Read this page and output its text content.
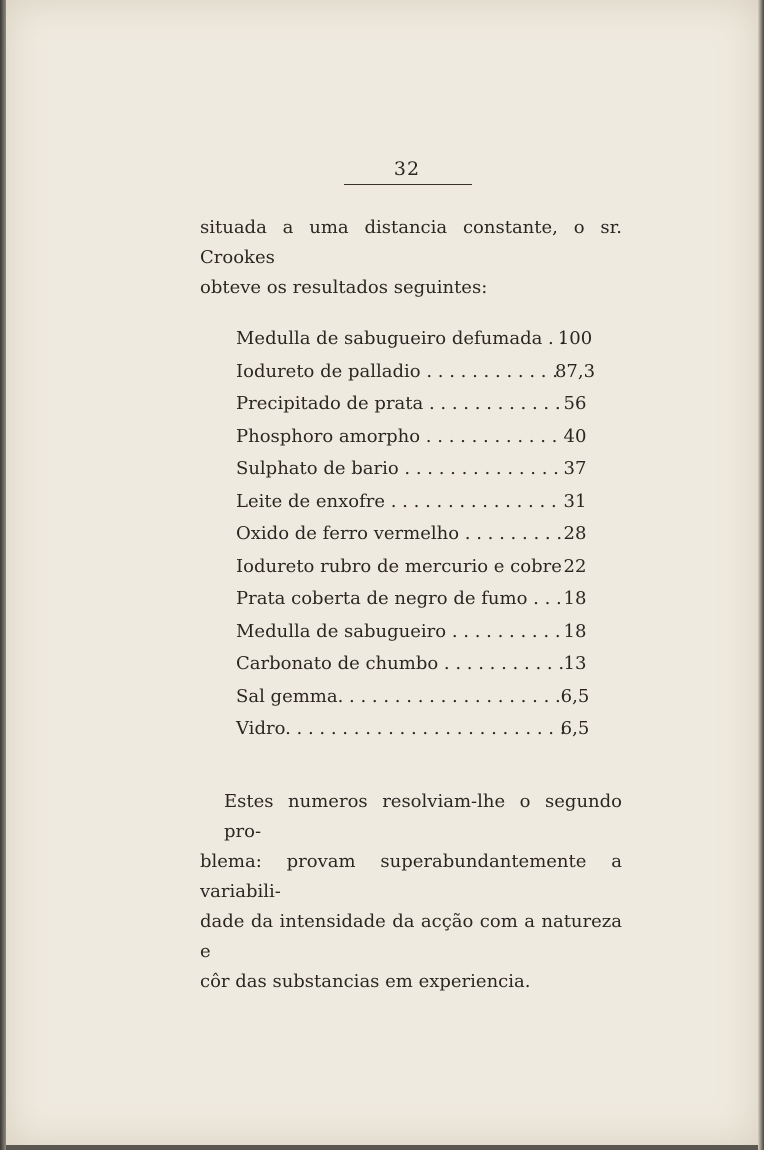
32

situada a uma distancia constante, o sr. Crookes

obteve os resultados seguintes:

Medulla de sabugueiro defumada . .
100
Iodureto de palladio . . . . . . . . . . . .
87,3
Precipitado de prata . . . . . . . . . . . . 56
Phosphoro amorpho . . . . . . . . . . . . 40
Sulphato de bario . . . . . . . . . . . . . . 37
Leite de enxofre . . . . . . . . . . . . . . . 31
Oxido de ferro vermelho . . . . . . . . . 28
Iodureto rubro de mercurio e cobre 22
Prata coberta de negro de fumo . . . 18
Medulla de sabugueiro . . . . . . . . . . 18
Carbonato de chumbo . . . . . . . . . . . 13
Sal gemma. . . . . . . . . . . . . . . . . . . . 6,5
Vidro. . . . . . . . . . . . . . . . . . . . . . . . .
6,5
Estes numeros resolviam-lhe o segundo pro-
blema: provam superabundantemente a variabili-
dade da intensidade da acção com a natureza e
côr das substancias em experiencia.
